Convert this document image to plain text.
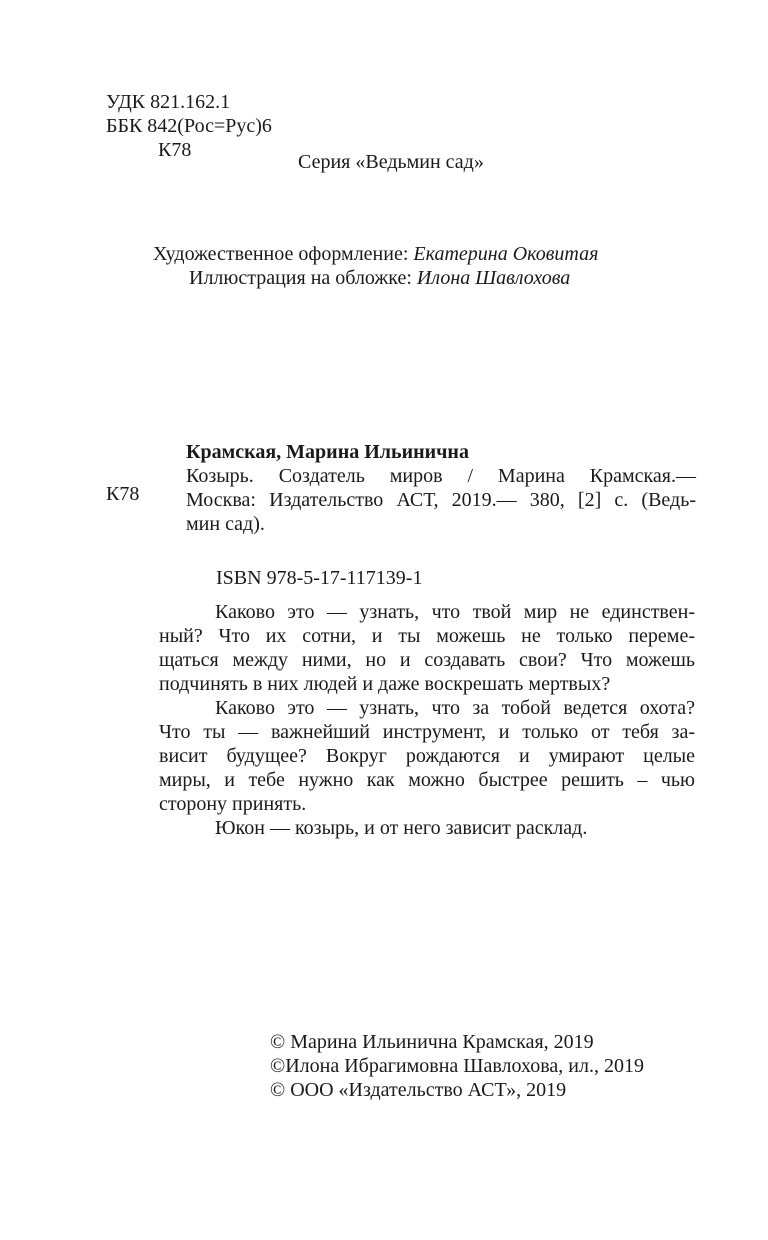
УДК 821.162.1
ББК 842(Рос=Рус)6
К78
Серия «Ведьмин сад»
Художественное оформление: Екатерина Оковитая
Иллюстрация на обложке: Илона Шавлохова
К78
Крамская, Марина Ильинична
Козырь. Создатель миров / Марина Крамская.—
Москва: Издательство АСТ, 2019.— 380, [2] с. (Ведь-
мин сад).
ISBN 978-5-17-117139-1
Каково это — узнать, что твой мир не единствен-
ный? Что их сотни, и ты можешь не только переме-
щаться между ними, но и создавать свои? Что можешь
подчинять в них людей и даже воскрешать мертвых?
Каково это — узнать, что за тобой ведется охота?
Что ты — важнейший инструмент, и только от тебя за-
висит будущее? Вокруг рождаются и умирают целые
миры, и тебе нужно как можно быстрее решить – чью
сторону принять.
Юкон — козырь, и от него зависит расклад.
© Марина Ильинична Крамская, 2019
©Илона Ибрагимовна Шавлохова, ил., 2019
© ООО «Издательство АСТ», 2019
